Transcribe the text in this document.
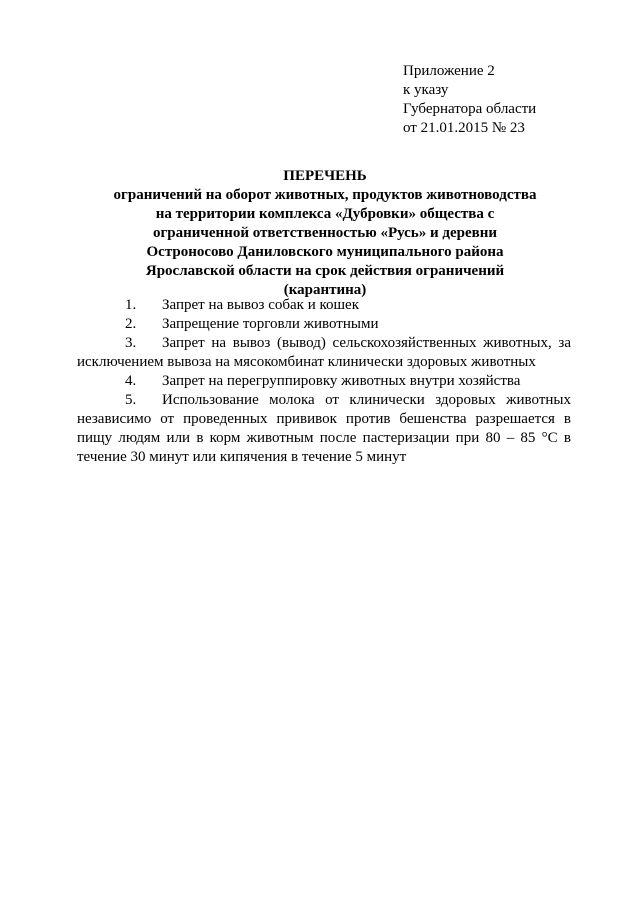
Приложение 2
к указу
Губернатора области
от 21.01.2015 № 23
ПЕРЕЧЕНЬ
ограничений на оборот животных, продуктов животноводства на территории комплекса «Дубровки» общества с ограниченной ответственностью «Русь» и деревни Остроносово Даниловского муниципального района Ярославской области на срок действия ограничений (карантина)
1. Запрет на вывоз собак и кошек
2. Запрещение торговли животными
3. Запрет на вывоз (вывод) сельскохозяйственных животных, за исключением вывоза на мясокомбинат клинически здоровых животных
4. Запрет на перегруппировку животных внутри хозяйства
5. Использование молока от клинически здоровых животных независимо от проведенных прививок против бешенства разрешается в пищу людям или в корм животным после пастеризации при 80 – 85 °С в течение 30 минут или кипячения в течение 5 минут
